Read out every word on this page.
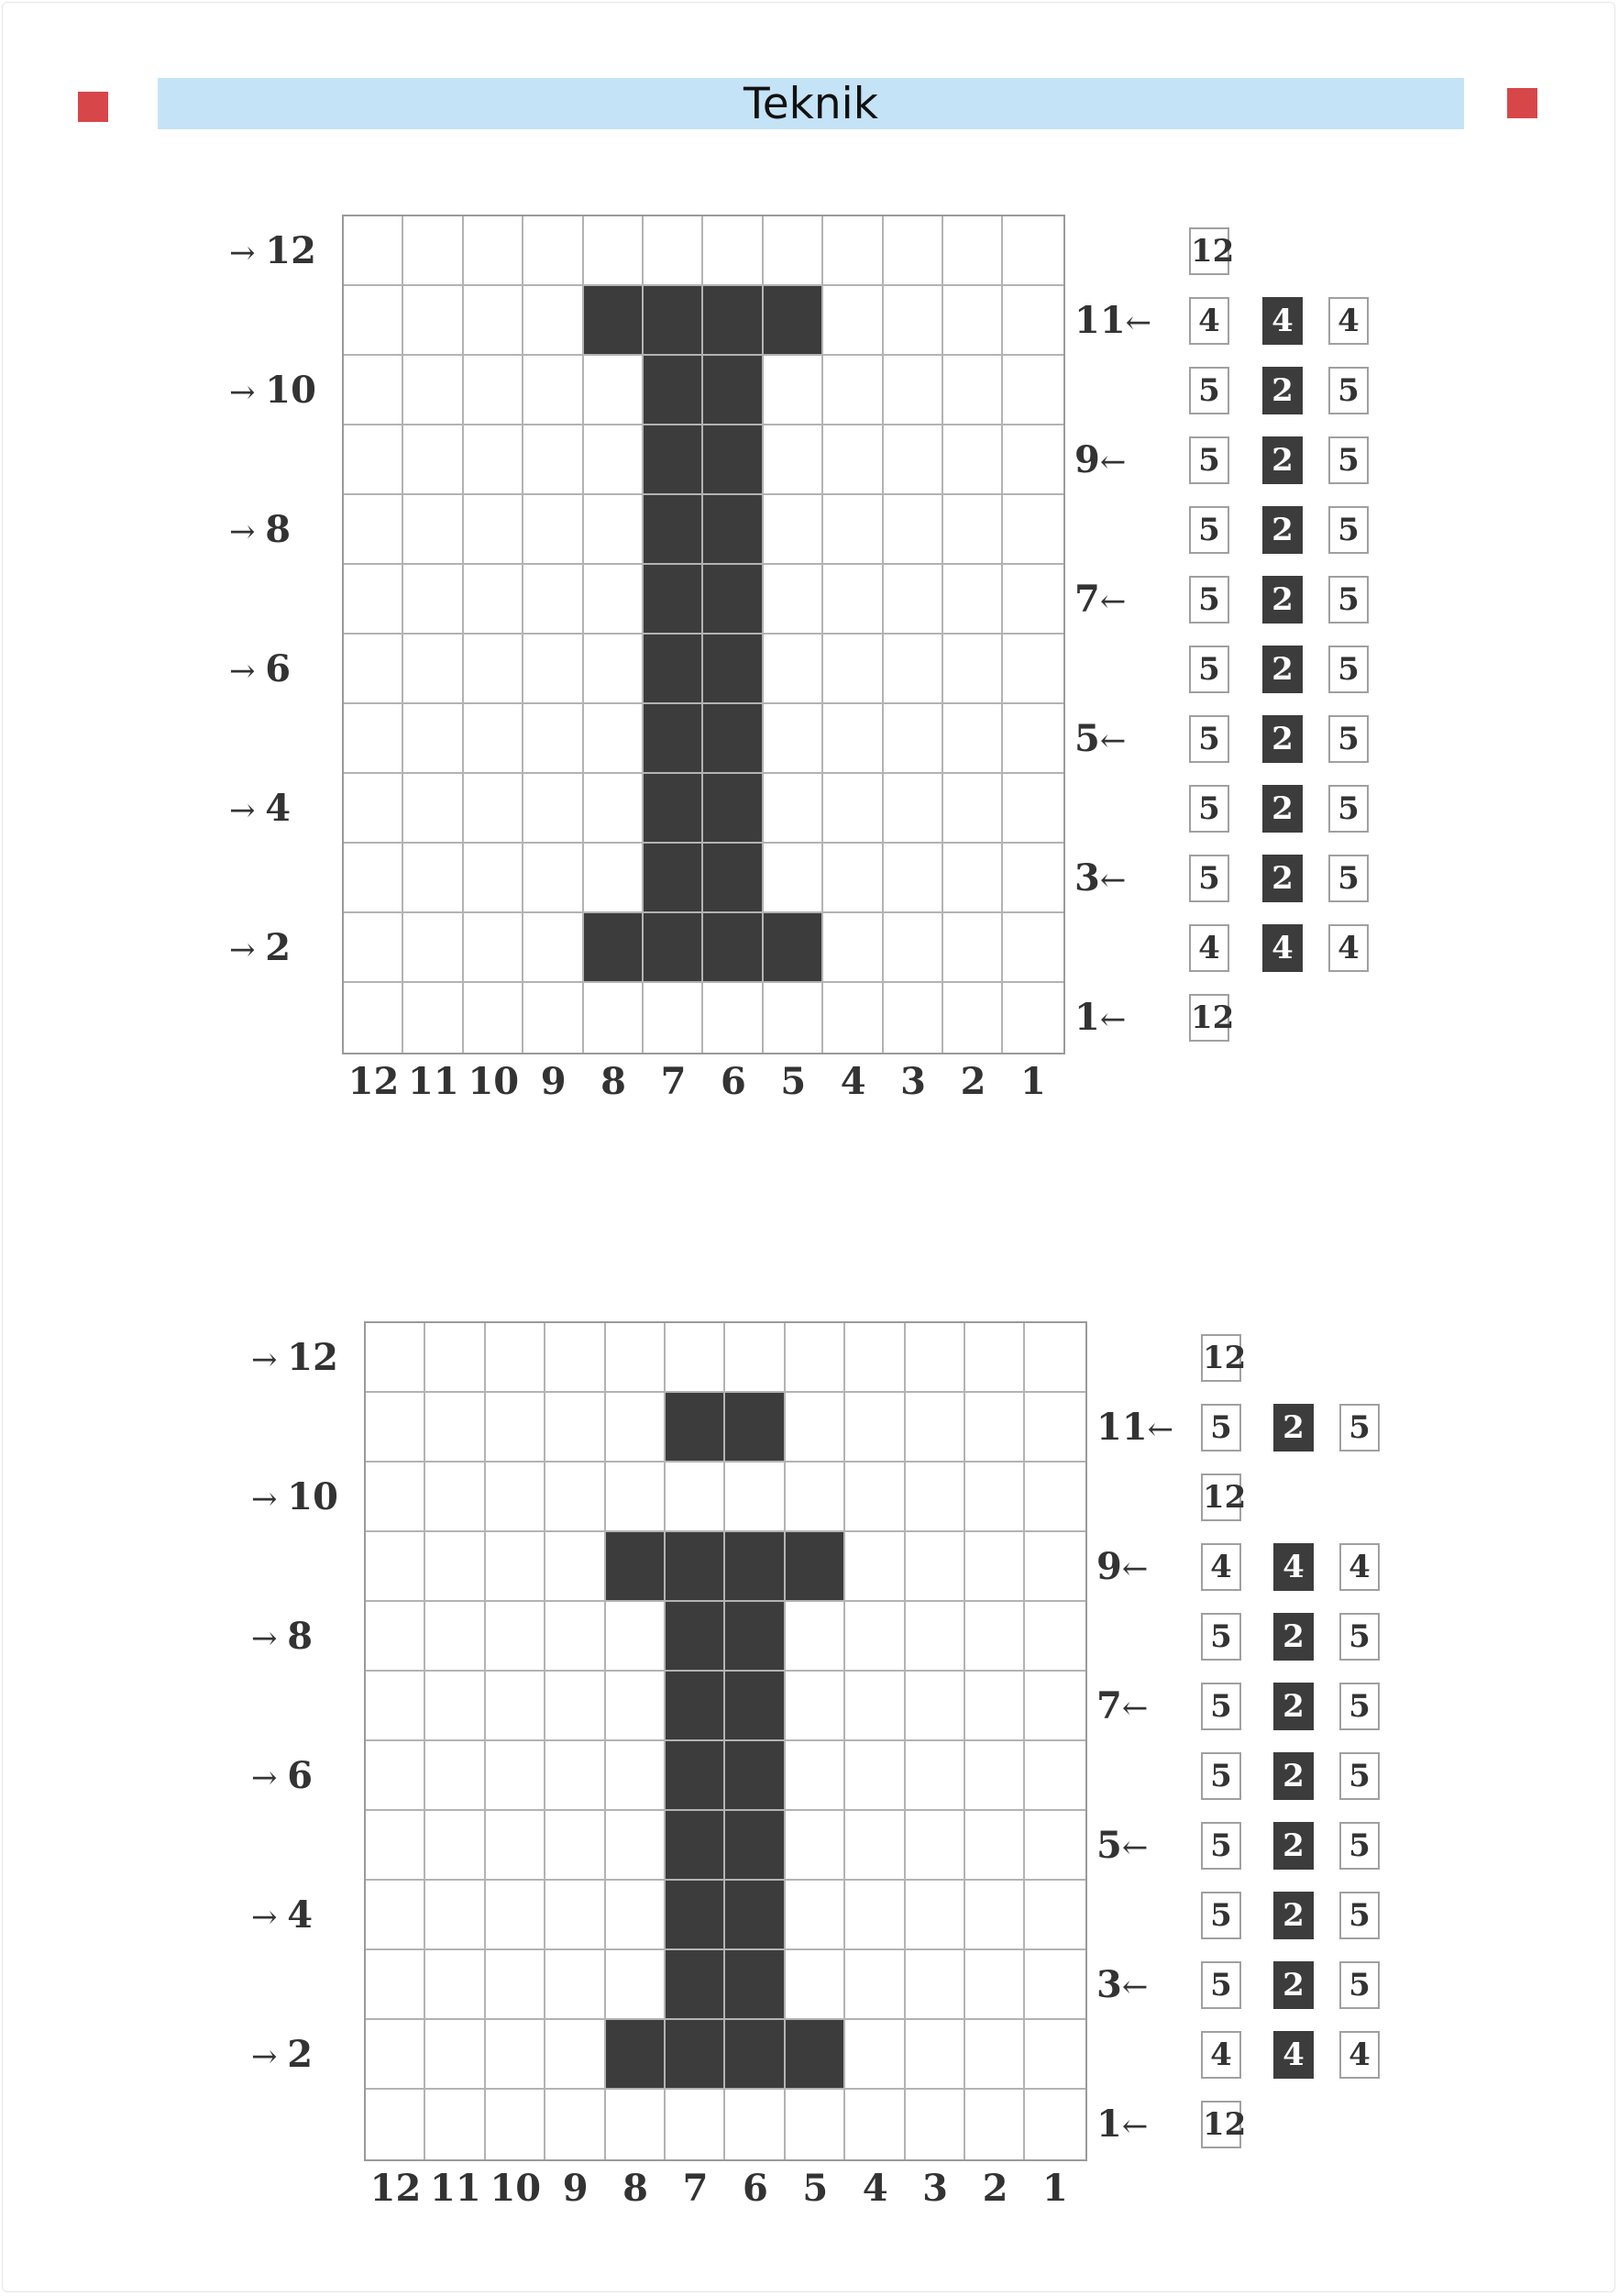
Teknik
→ 12
→ 10
→ 8
→ 6
→ 4
→ 2
11←
9←
7←
5←
3←
1←
12 11 10 9 8 7 6 5 4 3 2 1
12
4 4 4
5 2 5
5 2 5
5 2 5
5 2 5
5 2 5
5 2 5
5 2 5
5 2 5
4 4 4
12
→ 12
→ 10
→ 8
→ 6
→ 4
→ 2
11←
9←
7←
5←
3←
1←
12 11 10 9 8 7 6 5 4 3 2 1
12
5 2 5
12
4 4 4
5 2 5
5 2 5
5 2 5
5 2 5
5 2 5
5 2 5
4 4 4
12
